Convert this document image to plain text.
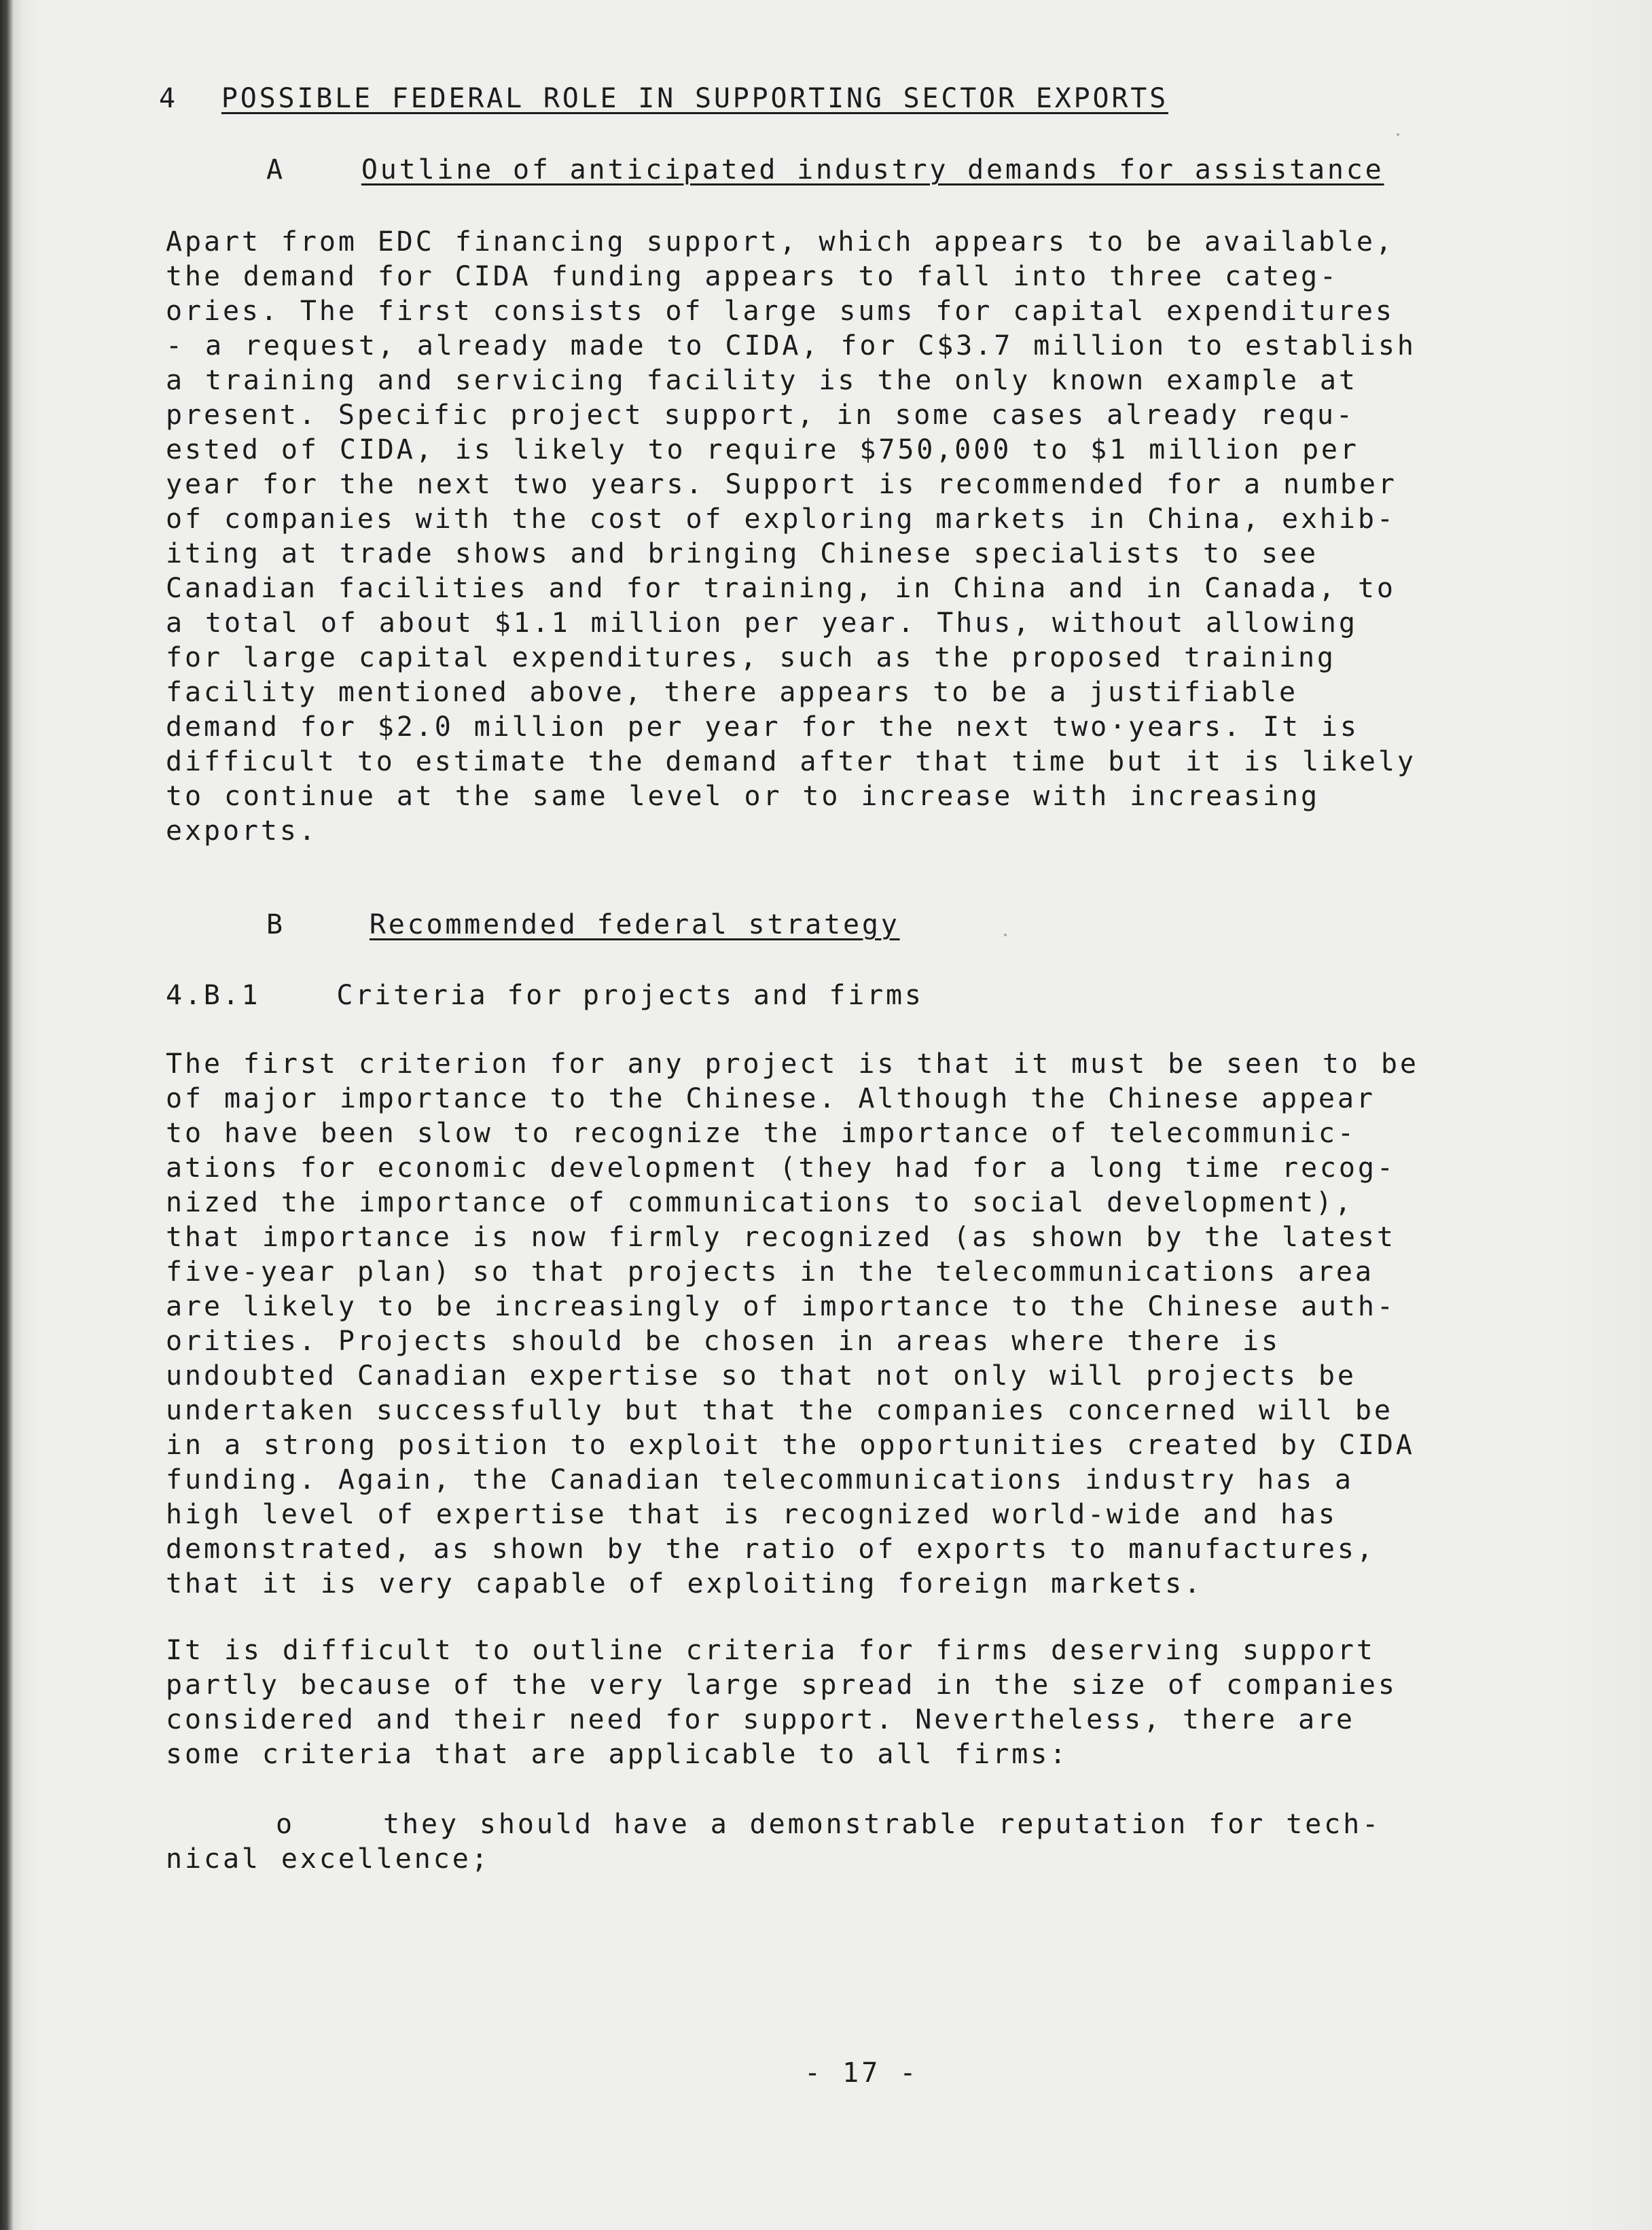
4 POSSIBLE FEDERAL ROLE IN SUPPORTING SECTOR EXPORTS
A	Outline of anticipated industry demands for assistance
Apart from EDC financing support, which appears to be available,
the demand for CIDA funding appears to fall into three categ-
ories. The first consists of large sums for capital expenditures
- a request, already made to CIDA, for C$3.7 million to establish
a training and servicing facility is the only known example at
present. Specific project support, in some cases already requ-
ested of CIDA, is likely to require $750,000 to $1 million per
year for the next two years. Support is recommended for a number
of companies with the cost of exploring markets in China, exhib-
iting at trade shows and bringing Chinese specialists to see
Canadian facilities and for training, in China and in Canada, to
a total of about $1.1 million per year. Thus, without allowing
for large capital expenditures, such as the proposed training
facility mentioned above, there appears to be a justifiable
demand for $2.0 million per year for the next two·years. It is
difficult to estimate the demand after that time but it is likely
to continue at the same level or to increase with increasing
exports.
B	Recommended federal strategy
4.B.1	Criteria for projects and firms
The first criterion for any project is that it must be seen to be
of major importance to the Chinese. Although the Chinese appear
to have been slow to recognize the importance of telecommunic-
ations for economic development (they had for a long time recog-
nized the importance of communications to social development),
that importance is now firmly recognized (as shown by the latest
five-year plan) so that projects in the telecommunications area
are likely to be increasingly of importance to the Chinese auth-
orities. Projects should be chosen in areas where there is
undoubted Canadian expertise so that not only will projects be
undertaken successfully but that the companies concerned will be
in a strong position to exploit the opportunities created by CIDA
funding. Again, the Canadian telecommunications industry has a
high level of expertise that is recognized world-wide and has
demonstrated, as shown by the ratio of exports to manufactures,
that it is very capable of exploiting foreign markets.
It is difficult to outline criteria for firms deserving support
partly because of the very large spread in the size of companies
considered and their need for support. Nevertheless, there are
some criteria that are applicable to all firms:
o	they should have a demonstrable reputation for tech-
nical excellence;
- 17 -
